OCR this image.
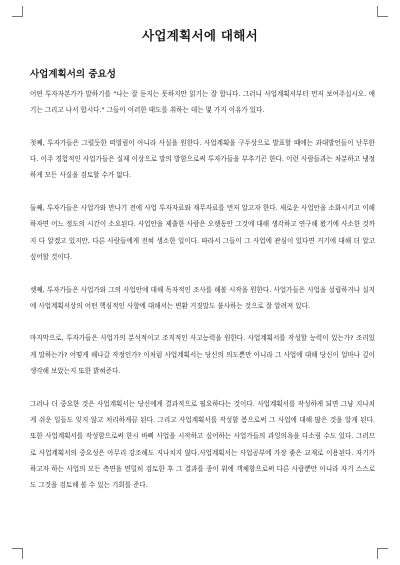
사업계획서에 대해서
사업계획서의 중요성

어떤 투자자본가가 말하기를 "나는 잘 듣지는 못하지만 읽기는 잘 합니다. 그러니 사업계획서부터 먼저 보여주십시오. 얘기는 그리고 나서 합시다." 그들이 이러한 태도를 취하는 데는 몇 가지 이유가 있다.

첫째, 투자가들은 그럴듯한 떠벌림이 아니라 사실을 원한다. 사업계획을 구두상으로 발표할 때에는 과대발언들이 난무한다. 이주 경험적인 사업가들은 실제 이상으로 말의 발함으로써 투자가들을 부추기곤 한다. 이런 사람들과는 차분하고 냉정하게 모든 사실을 검토할 수가 없다.

둘째, 투자가들은 사업가와 만나기 전에 사업 투자자료와 재무자료를 먼저 알고자 한다. 새로운 사업안을 소화시키고 이해하자면 어느 정도의 시간이 소요된다. 사업안을 제출한 사람은 오랫동안 그것에 대해 생각하고 연구해 왔기에 사소한 것까지 다 알겠고 있지만, 다른 사람들에게 전혀 생소한 일이다. 따라서 그들이 그 사업에 관심이 있다면 거기에 대해 더 알고 싶어할 것이다.

셋째, 투자가들은 사업가와 그의 사업안에 대해 독자적인 조사를 해볼 시작을 원한다. 사업가들은 사업을 설립하거나 실지에 사업계획서상의 어떤 핵심적인 사항에 대해서는 변환 거짓말도 불사하는 것으로 잘 알려져 있다.

마지막으로, 투자가들은 사업가의 분석적이고 조직적인 사고능력을 원한다. 사업계획서를 작성할 능력이 있는가? 조리있게 말하는가? 어떻게 해나갈 작정인가? 이처럼 사업계획서는 당신의 의도뿐만 아니라 그 사업에 대해 당신이 얼마나 깊이 생각해 보았는지 또한 밝혀준다.

그러나 더 중요한 것은 사업계획서는 당신에게 결과적으로 필요하다는 것이다. 사업계획서를 작성하게 되면 그냥 지나치게 쉬운 일들도 잊지 않고 처리하게끔 된다. 그리고 사업계획서를 작성함 봄으로써 그 사업에 대해 많은 것을 알게 된다. 또한 사업계획서를 작성함으로써 한시 바삐 사업을 시작하고 싶어하는 사업가들의 과잉의욕을 다소림 수도 있다. 그러므로 사업계획서의 중요성은 아무리 강조해도 지나치지 않다.사업계획서는 사업공부에 가장 좋은 교재로 이용된다. 자기가 하고자 하는 사업의 모든 측면을 면밀히 검토한 후 그 결과를 종이 위에 객체함으로써 다른 사람뿐만 아니라 자기 스스로도 그것을 검토해 볼 수 있는 기회를 준다.
